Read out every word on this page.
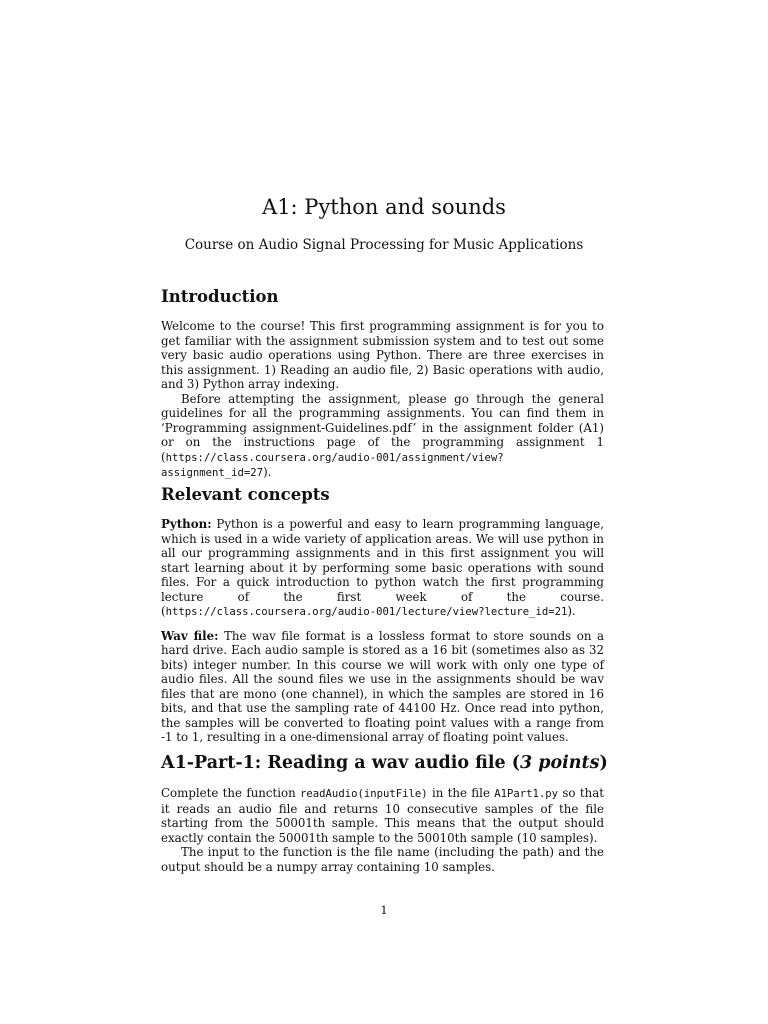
A1: Python and sounds
Course on Audio Signal Processing for Music Applications
Introduction

Welcome to the course! This first programming assignment is for you to get familiar with the assignment submission system and to test out some very basic audio operations using Python. There are three exercises in this assignment. 1) Reading an audio file, 2) Basic operations with audio, and 3) Python array indexing.

Before attempting the assignment, please go through the general guidelines for all the programming assignments. You can find them in ‘Programming assignment-Guidelines.pdf’ in the assignment folder (A1) or on the instructions page of the programming assignment 1 (https://class.coursera.org/audio-001/assignment/view?assignment_id=27).

Relevant concepts

Python: Python is a powerful and easy to learn programming language, which is used in a wide variety of application areas. We will use python in all our programming assignments and in this first assignment you will start learning about it by performing some basic operations with sound files. For a quick introduction to python watch the first programming lecture of the first week of the course. (https://class.coursera.org/audio-001/lecture/view?lecture_id=21).

Wav file: The wav file format is a lossless format to store sounds on a hard drive. Each audio sample is stored as a 16 bit (sometimes also as 32 bits) integer number. In this course we will work with only one type of audio files. All the sound files we use in the assignments should be wav files that are mono (one channel), in which the samples are stored in 16 bits, and that use the sampling rate of 44100 Hz. Once read into python, the samples will be converted to floating point values with a range from -1 to 1, resulting in a one-dimensional array of floating point values.

A1-Part-1: Reading a wav audio file (3 points)

Complete the function readAudio(inputFile) in the file A1Part1.py so that it reads an audio file and returns 10 consecutive samples of the file starting from the 50001th sample. This means that the output should exactly contain the 50001th sample to the 50010th sample (10 samples).

The input to the function is the file name (including the path) and the output should be a numpy array containing 10 samples.

1
